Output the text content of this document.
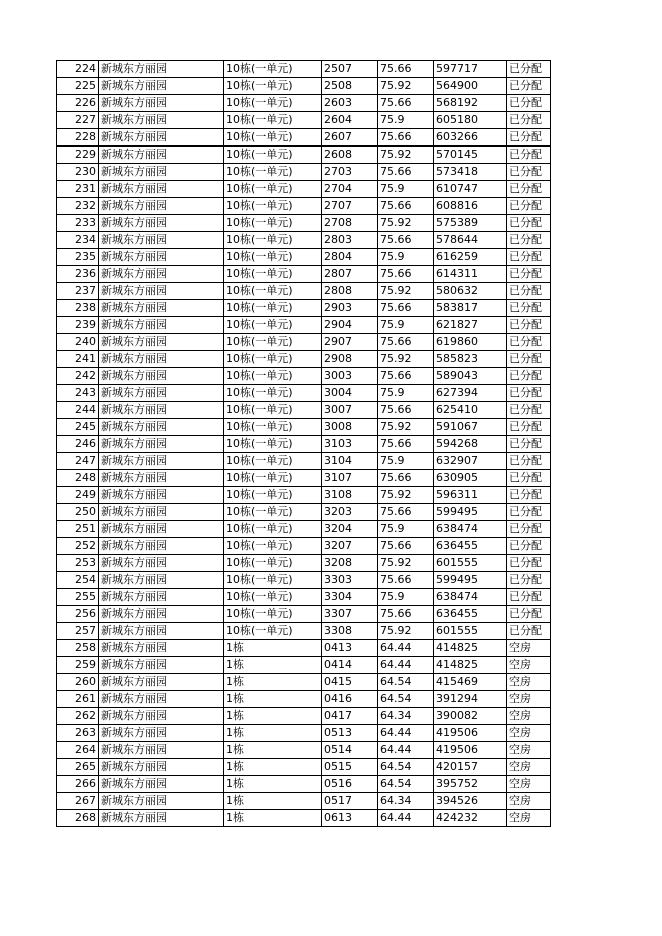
224	新城东方丽园	10栋(一单元)	2507	75.66	597717	已分配
225	新城东方丽园	10栋(一单元)	2508	75.92	564900	已分配
226	新城东方丽园	10栋(一单元)	2603	75.66	568192	已分配
227	新城东方丽园	10栋(一单元)	2604	75.9	605180	已分配
228	新城东方丽园	10栋(一单元)	2607	75.66	603266	已分配
229	新城东方丽园	10栋(一单元)	2608	75.92	570145	已分配
230	新城东方丽园	10栋(一单元)	2703	75.66	573418	已分配
231	新城东方丽园	10栋(一单元)	2704	75.9	610747	已分配
232	新城东方丽园	10栋(一单元)	2707	75.66	608816	已分配
233	新城东方丽园	10栋(一单元)	2708	75.92	575389	已分配
234	新城东方丽园	10栋(一单元)	2803	75.66	578644	已分配
235	新城东方丽园	10栋(一单元)	2804	75.9	616259	已分配
236	新城东方丽园	10栋(一单元)	2807	75.66	614311	已分配
237	新城东方丽园	10栋(一单元)	2808	75.92	580632	已分配
238	新城东方丽园	10栋(一单元)	2903	75.66	583817	已分配
239	新城东方丽园	10栋(一单元)	2904	75.9	621827	已分配
240	新城东方丽园	10栋(一单元)	2907	75.66	619860	已分配
241	新城东方丽园	10栋(一单元)	2908	75.92	585823	已分配
242	新城东方丽园	10栋(一单元)	3003	75.66	589043	已分配
243	新城东方丽园	10栋(一单元)	3004	75.9	627394	已分配
244	新城东方丽园	10栋(一单元)	3007	75.66	625410	已分配
245	新城东方丽园	10栋(一单元)	3008	75.92	591067	已分配
246	新城东方丽园	10栋(一单元)	3103	75.66	594268	已分配
247	新城东方丽园	10栋(一单元)	3104	75.9	632907	已分配
248	新城东方丽园	10栋(一单元)	3107	75.66	630905	已分配
249	新城东方丽园	10栋(一单元)	3108	75.92	596311	已分配
250	新城东方丽园	10栋(一单元)	3203	75.66	599495	已分配
251	新城东方丽园	10栋(一单元)	3204	75.9	638474	已分配
252	新城东方丽园	10栋(一单元)	3207	75.66	636455	已分配
253	新城东方丽园	10栋(一单元)	3208	75.92	601555	已分配
254	新城东方丽园	10栋(一单元)	3303	75.66	599495	已分配
255	新城东方丽园	10栋(一单元)	3304	75.9	638474	已分配
256	新城东方丽园	10栋(一单元)	3307	75.66	636455	已分配
257	新城东方丽园	10栋(一单元)	3308	75.92	601555	已分配
258	新城东方丽园	1栋	0413	64.44	414825	空房
259	新城东方丽园	1栋	0414	64.44	414825	空房
260	新城东方丽园	1栋	0415	64.54	415469	空房
261	新城东方丽园	1栋	0416	64.54	391294	空房
262	新城东方丽园	1栋	0417	64.34	390082	空房
263	新城东方丽园	1栋	0513	64.44	419506	空房
264	新城东方丽园	1栋	0514	64.44	419506	空房
265	新城东方丽园	1栋	0515	64.54	420157	空房
266	新城东方丽园	1栋	0516	64.54	395752	空房
267	新城东方丽园	1栋	0517	64.34	394526	空房
268	新城东方丽园	1栋	0613	64.44	424232	空房
